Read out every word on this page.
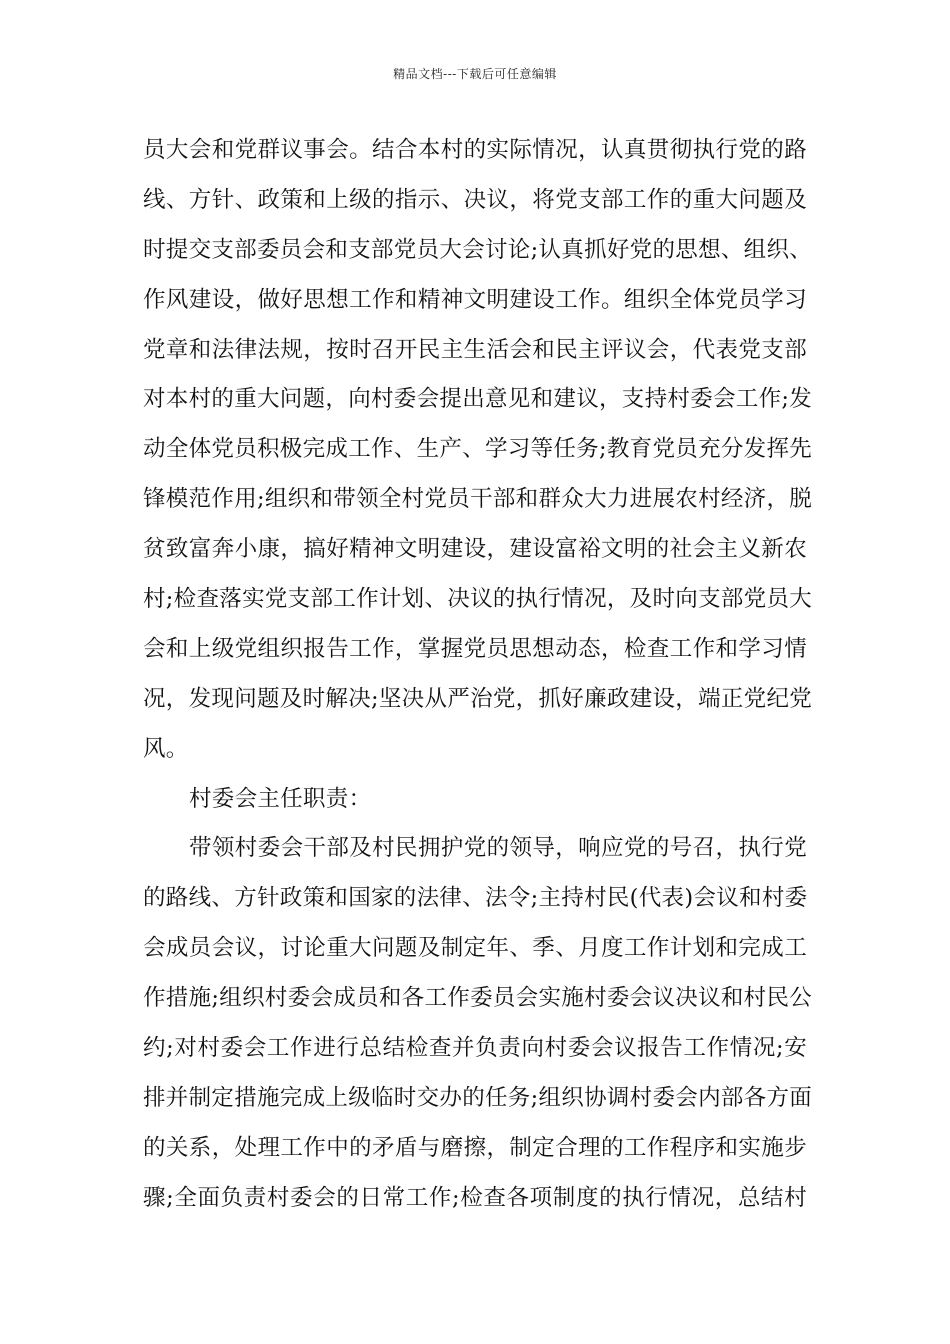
精品文档---下载后可任意编辑
员大会和党群议事会。结合本村的实际情况，认真贯彻执行党的路
线、方针、政策和上级的指示、决议，将党支部工作的重大问题及
时提交支部委员会和支部党员大会讨论;认真抓好党的思想、组织、
作风建设，做好思想工作和精神文明建设工作。组织全体党员学习
党章和法律法规，按时召开民主生活会和民主评议会，代表党支部
对本村的重大问题，向村委会提出意见和建议，支持村委会工作;发
动全体党员积极完成工作、生产、学习等任务;教育党员充分发挥先
锋模范作用;组织和带领全村党员干部和群众大力进展农村经济，脱
贫致富奔小康，搞好精神文明建设，建设富裕文明的社会主义新农
村;检查落实党支部工作计划、决议的执行情况，及时向支部党员大
会和上级党组织报告工作，掌握党员思想动态，检查工作和学习情
况，发现问题及时解决;坚决从严治党，抓好廉政建设，端正党纪党
风。
村委会主任职责：
带领村委会干部及村民拥护党的领导，响应党的号召，执行党
的路线、方针政策和国家的法律、法令;主持村民(代表)会议和村委
会成员会议，讨论重大问题及制定年、季、月度工作计划和完成工
作措施;组织村委会成员和各工作委员会实施村委会议决议和村民公
约;对村委会工作进行总结检查并负责向村委会议报告工作情况;安
排并制定措施完成上级临时交办的任务;组织协调村委会内部各方面
的关系，处理工作中的矛盾与磨擦，制定合理的工作程序和实施步
骤;全面负责村委会的日常工作;检查各项制度的执行情况，总结村
